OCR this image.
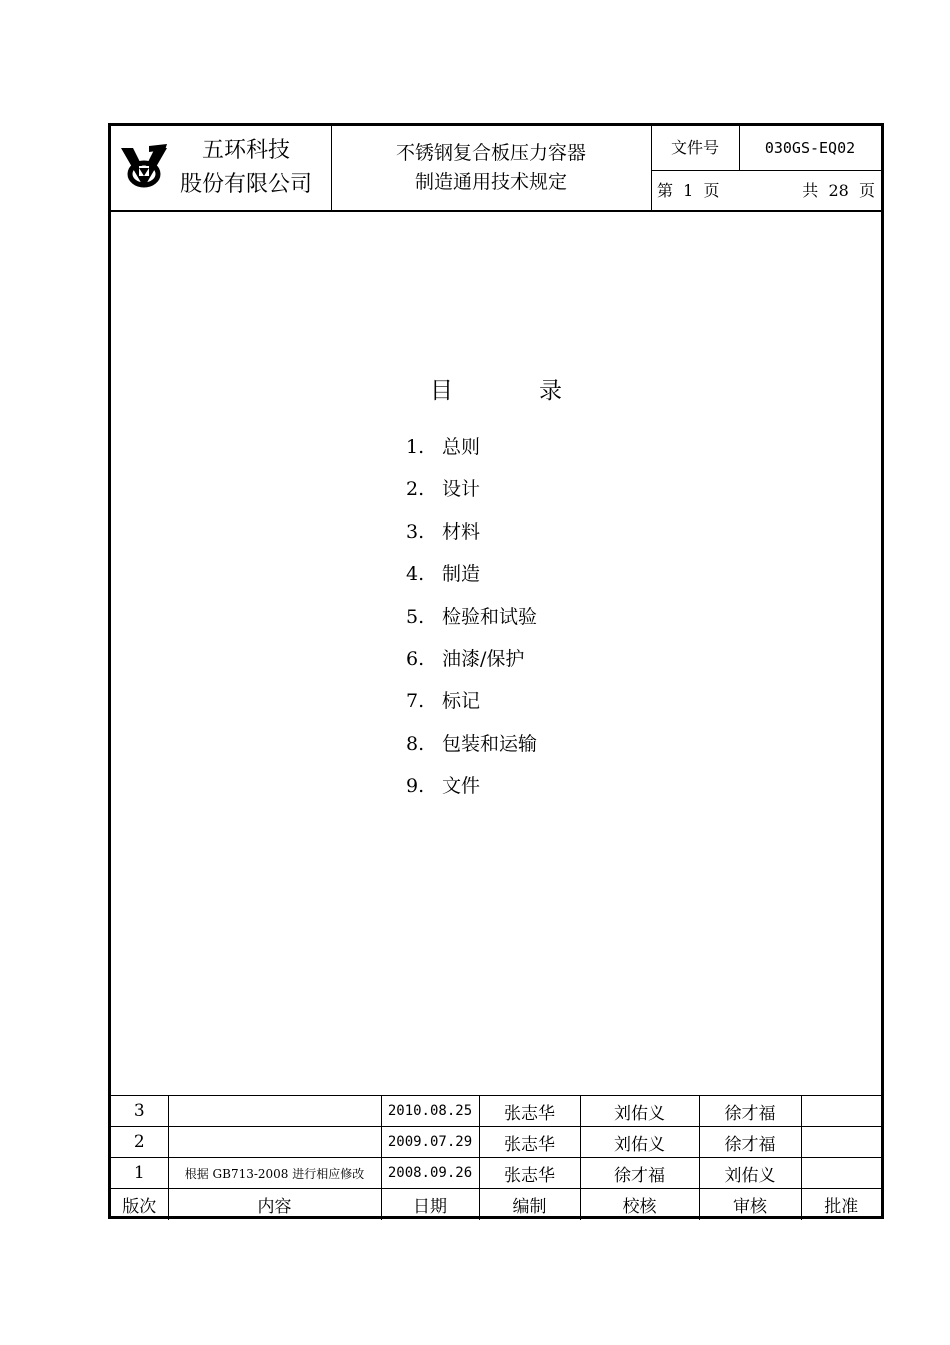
五环科技
股份有限公司
不锈钢复合板压力容器
制造通用技术规定
文件号	030GS-EQ02
第  1  页	共  28  页
目	录
1. 总则
2. 设计
3. 材料
4. 制造
5. 检验和试验
6. 油漆/保护
7. 标记
8. 包装和运输
9. 文件
3		2010.08.25	张志华	刘佑义	徐才福	
2		2009.07.29	张志华	刘佑义	徐才福	
1	根据 GB713-2008 进行相应修改	2008.09.26	张志华	徐才福	刘佑义	
版次	内容	日期	编制	校核	审核	批准
